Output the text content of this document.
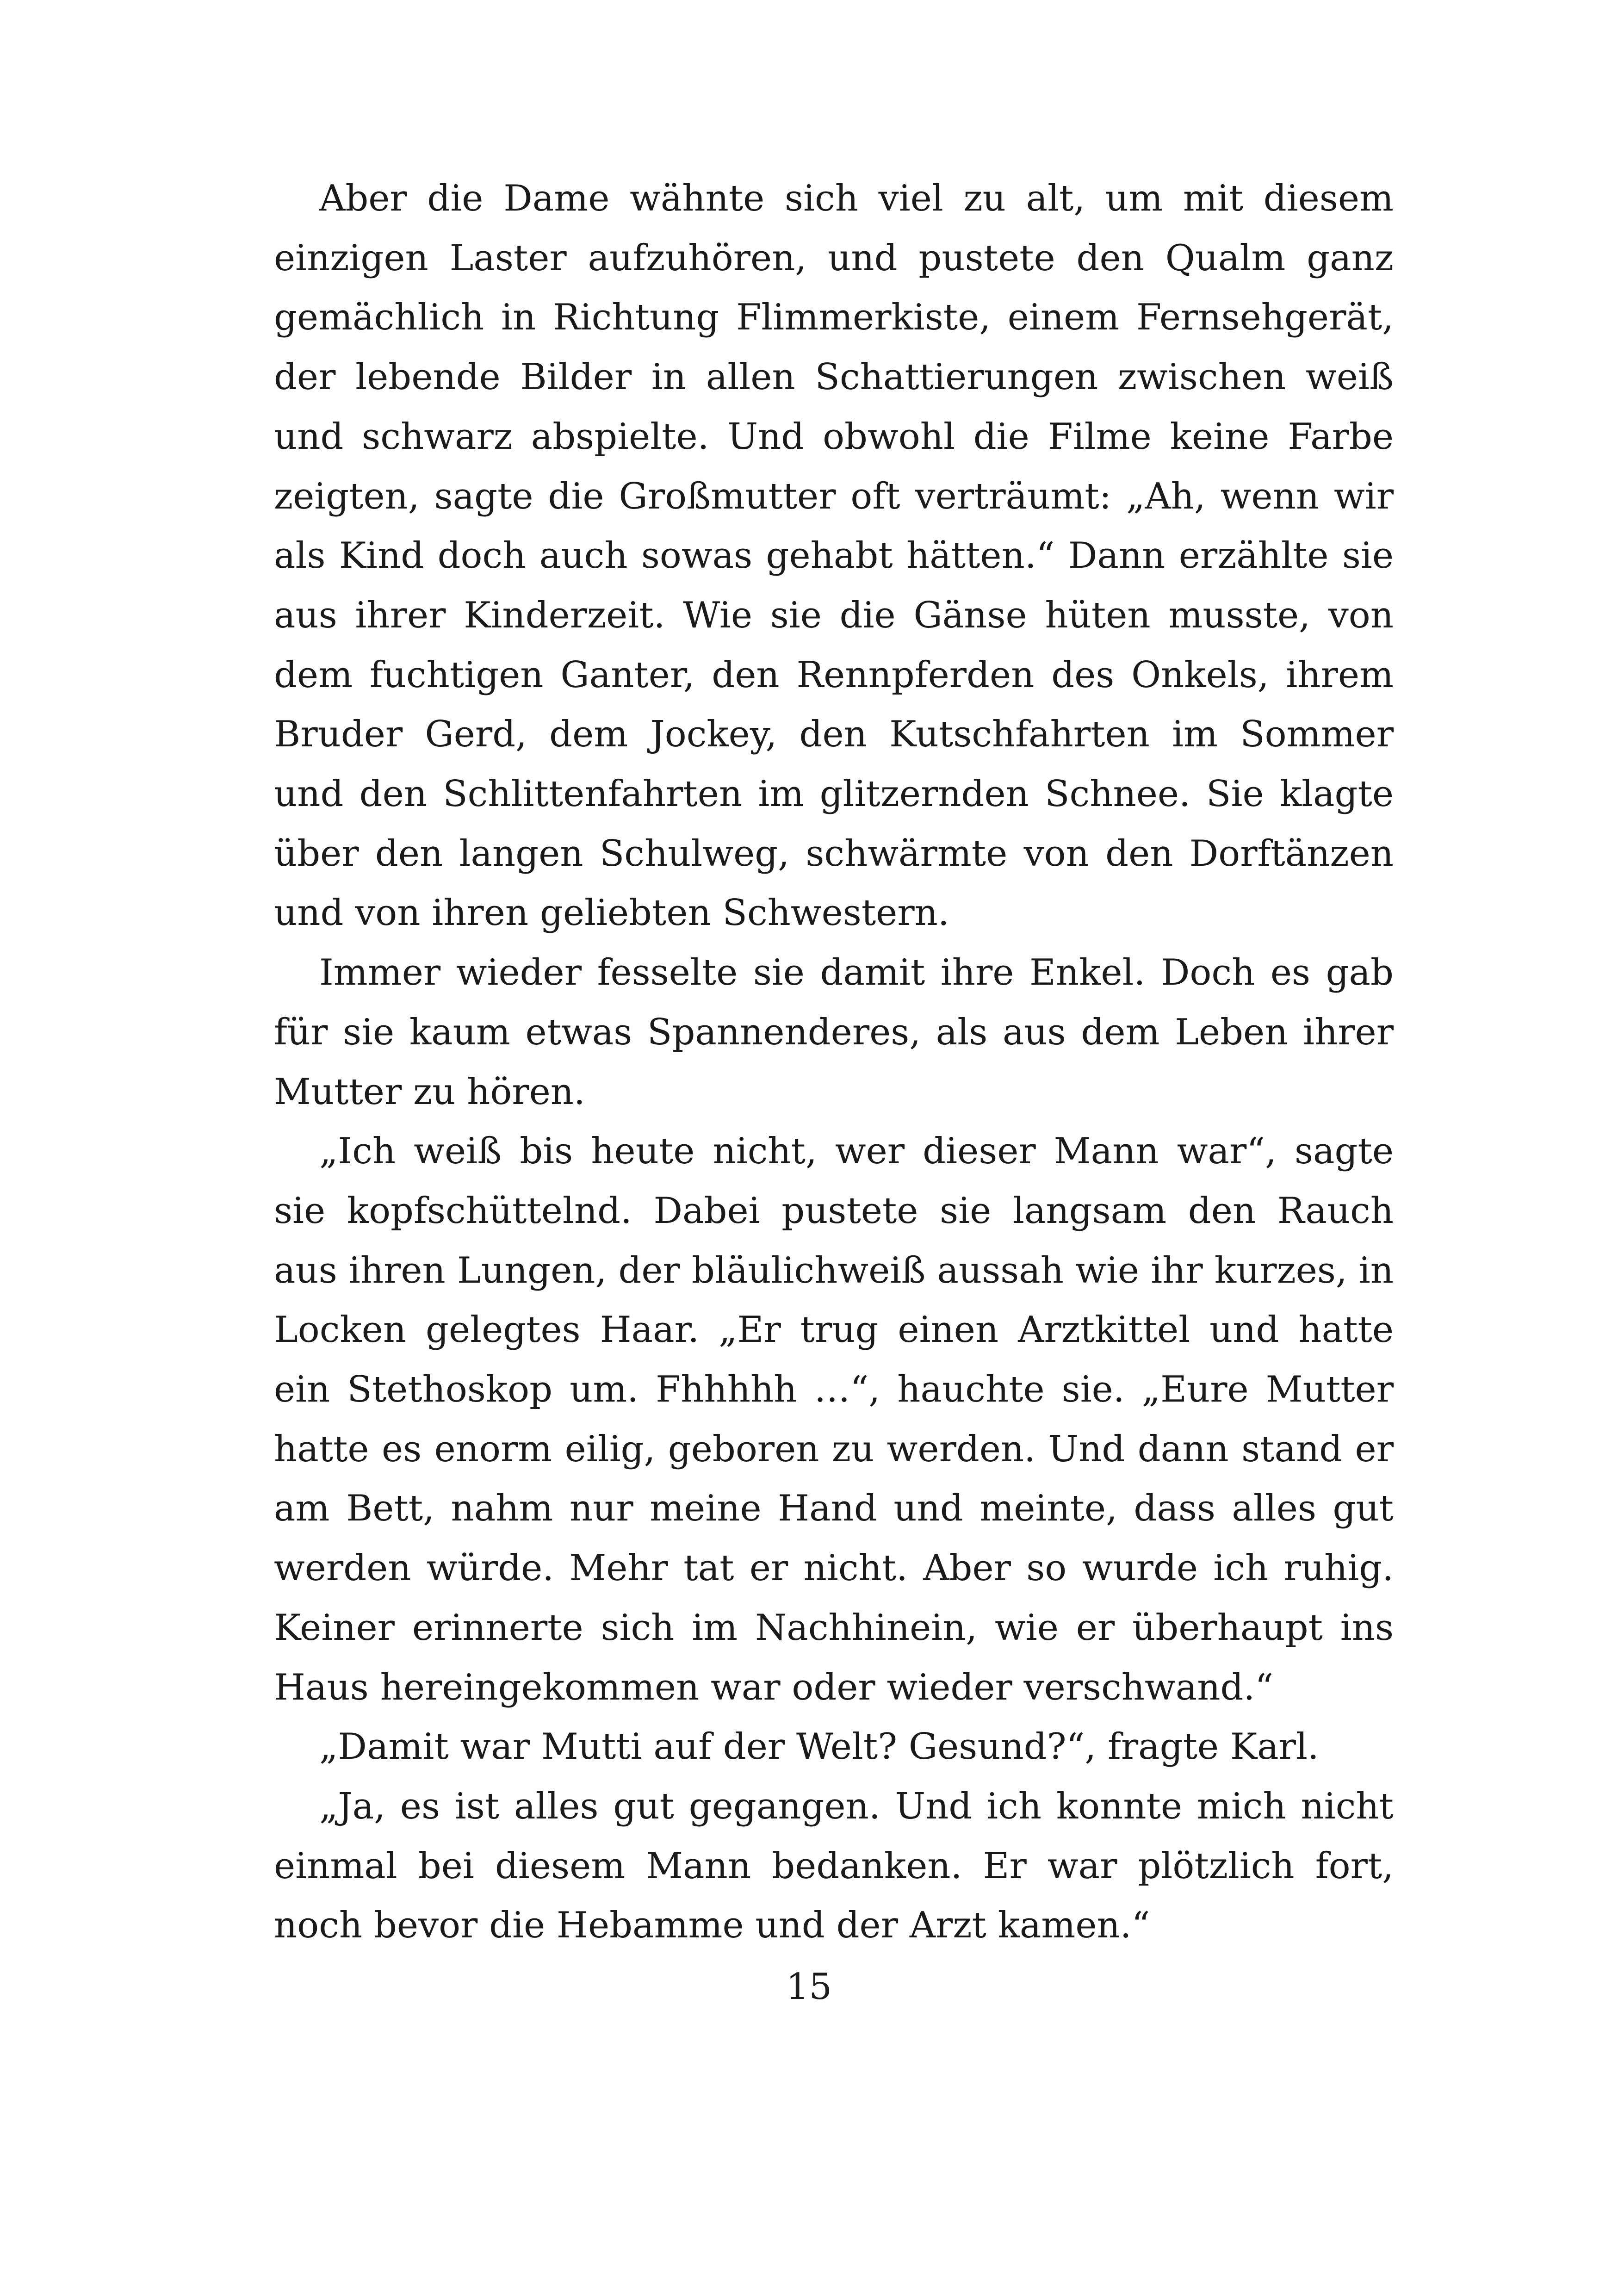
Aber die Dame wähnte sich viel zu alt, um mit diesem einzigen Laster aufzuhören, und pustete den Qualm ganz gemächlich in Richtung Flimmerkiste, einem Fernsehgerät, der lebende Bilder in allen Schattierungen zwischen weiß und schwarz abspielte. Und obwohl die Filme keine Farbe zeigten, sagte die Großmutter oft verträumt: „Ah, wenn wir als Kind doch auch sowas gehabt hätten.“ Dann erzählte sie aus ihrer Kinderzeit. Wie sie die Gänse hüten musste, von dem fuchtigen Ganter, den Rennpferden des Onkels, ihrem Bruder Gerd, dem Jockey, den Kutschfahrten im Sommer und den Schlittenfahrten im glitzernden Schnee. Sie klagte über den langen Schulweg, schwärmte von den Dorftänzen und von ihren geliebten Schwestern.

Immer wieder fesselte sie damit ihre Enkel. Doch es gab für sie kaum etwas Spannenderes, als aus dem Leben ihrer Mutter zu hören.

„Ich weiß bis heute nicht, wer dieser Mann war“, sagte sie kopfschüttelnd. Dabei pustete sie langsam den Rauch aus ihren Lungen, der bläulichweiß aussah wie ihr kurzes, in Locken gelegtes Haar. „Er trug einen Arztkittel und hatte ein Stethoskop um. Fhhhhh …“, hauchte sie. „Eure Mutter hatte es enorm eilig, geboren zu werden. Und dann stand er am Bett, nahm nur meine Hand und meinte, dass alles gut werden würde. Mehr tat er nicht. Aber so wurde ich ruhig. Keiner erinnerte sich im Nachhinein, wie er überhaupt ins Haus hereingekommen war oder wieder verschwand.“

„Damit war Mutti auf der Welt? Gesund?“, fragte Karl.

„Ja, es ist alles gut gegangen. Und ich konnte mich nicht einmal bei diesem Mann bedanken. Er war plötzlich fort, noch bevor die Hebamme und der Arzt kamen.“

15
